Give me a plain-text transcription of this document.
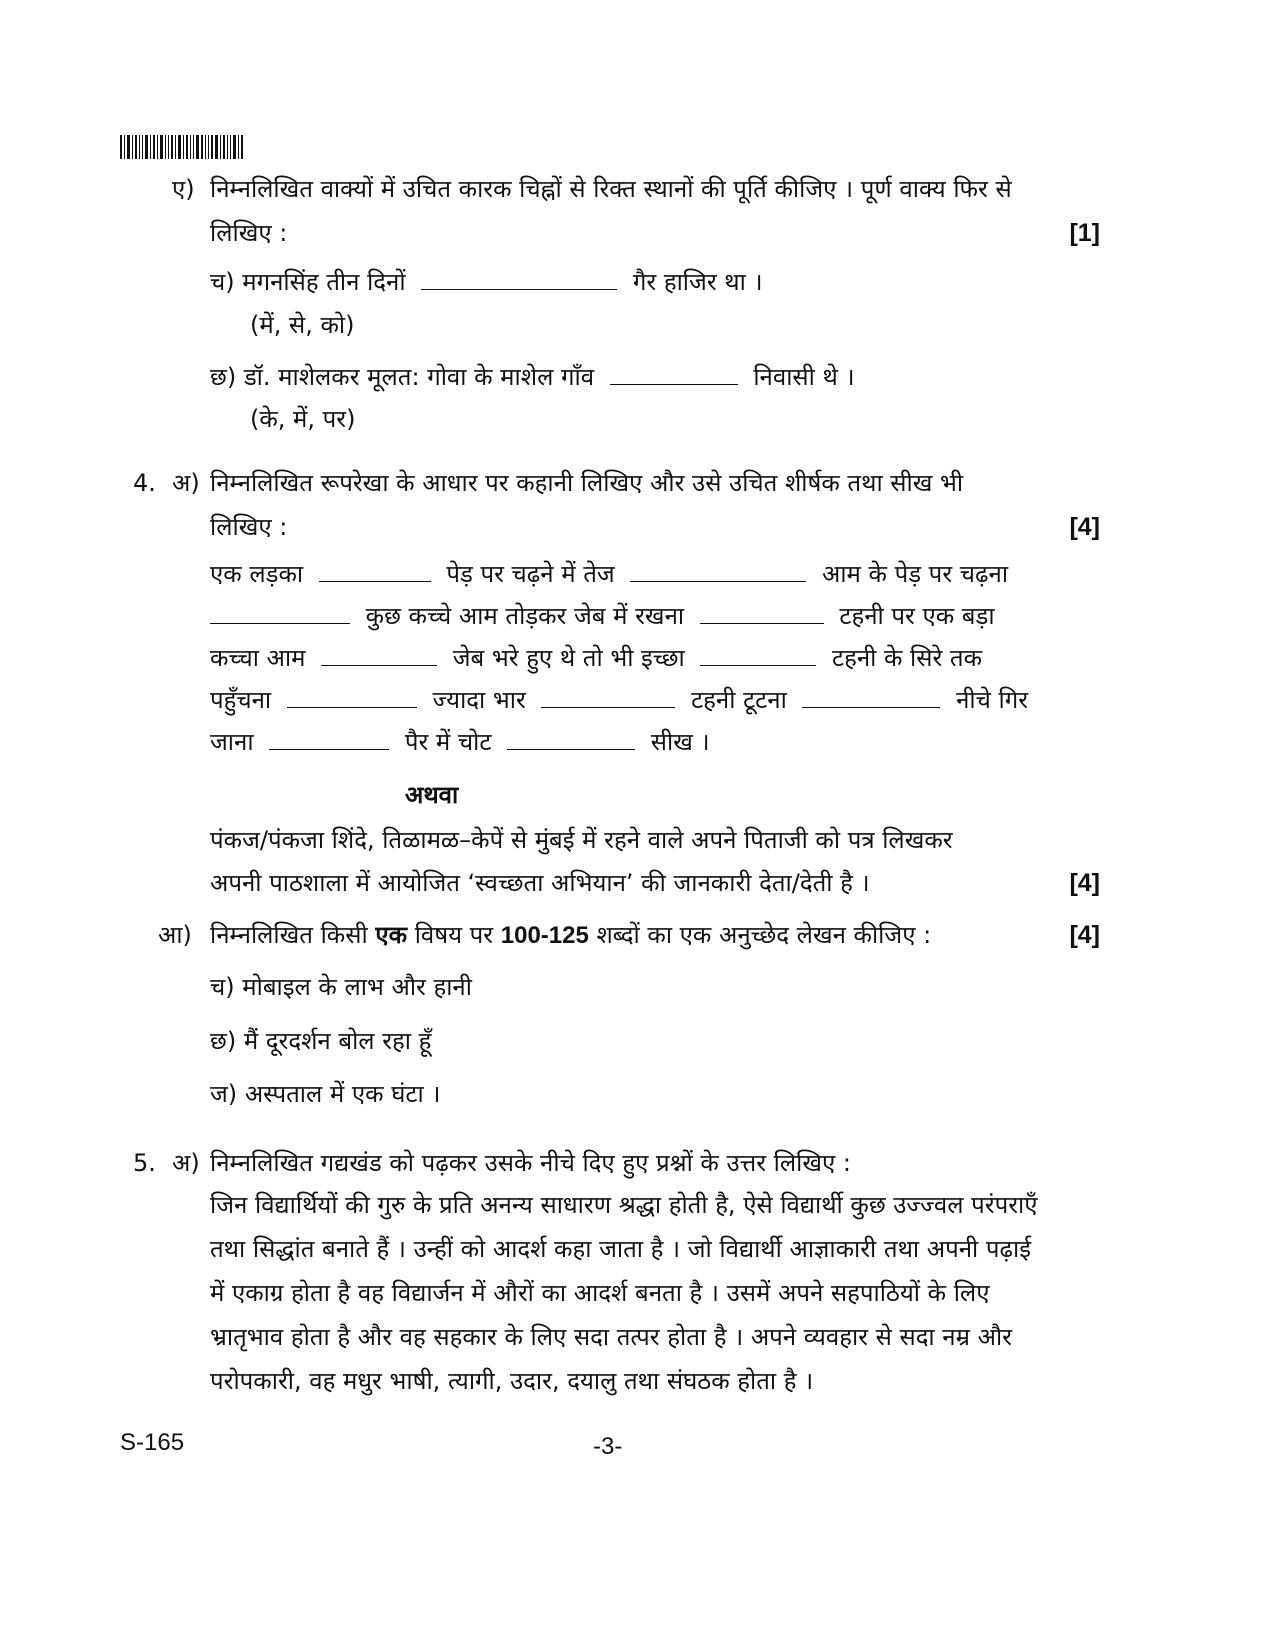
ए) निम्नलिखित वाक्यों में उचित कारक चिह्नों से रिक्त स्थानों की पूर्ति कीजिए । पूर्ण वाक्य फिर से
लिखिए :	[1]
च) मगनसिंह तीन दिनों	गैर हाजिर था ।
(में, से, को)
छ) डॉ. माशेलकर मूलत: गोवा के माशेल गाँव	निवासी थे ।
(के, में, पर)
4. अ) निम्नलिखित रूपरेखा के आधार पर कहानी लिखिए और उसे उचित शीर्षक तथा सीख भी
लिखिए :	[4]
एक लड़का	पेड़ पर चढ़ने में तेज	आम के पेड़ पर चढ़ना
कुछ कच्चे आम तोड़कर जेब में रखना	टहनी पर एक बड़ा
कच्चा आम	जेब भरे हुए थे तो भी इच्छा	टहनी के सिरे तक
पहुँचना	ज्यादा भार	टहनी टूटना	नीचे गिर
जाना	पैर में चोट	सीख ।
अथवा
पंकज/पंकजा शिंदे, तिळामळ–केपें से मुंबई में रहने वाले अपने पिताजी को पत्र लिखकर
अपनी पाठशाला में आयोजित ‘स्वच्छता अभियान’ की जानकारी देता/देती है ।	[4]
आ) निम्नलिखित किसी एक विषय पर 100-125 शब्दों का एक अनुच्छेद लेखन कीजिए :	[4]
च) मोबाइल के लाभ और हानी
छ) मैं दूरदर्शन बोल रहा हूँ
ज) अस्पताल में एक घंटा ।
5. अ) निम्नलिखित गद्यखंड को पढ़कर उसके नीचे दिए हुए प्रश्नों के उत्तर लिखिए :
जिन विद्यार्थियों की गुरु के प्रति अनन्य साधारण श्रद्धा होती है, ऐसे विद्यार्थी कुछ उज्ज्वल परंपराएँ
तथा सिद्धांत बनाते हैं । उन्हीं को आदर्श कहा जाता है । जो विद्यार्थी आज्ञाकारी तथा अपनी पढ़ाई
में एकाग्र होता है वह विद्यार्जन में औरों का आदर्श बनता है । उसमें अपने सहपाठियों के लिए
भ्रातृभाव होता है और वह सहकार के लिए सदा तत्पर होता है । अपने व्यवहार से सदा नम्र और
परोपकारी, वह मधुर भाषी, त्यागी, उदार, दयालु तथा संघठक होता है ।
S-165	-3-
